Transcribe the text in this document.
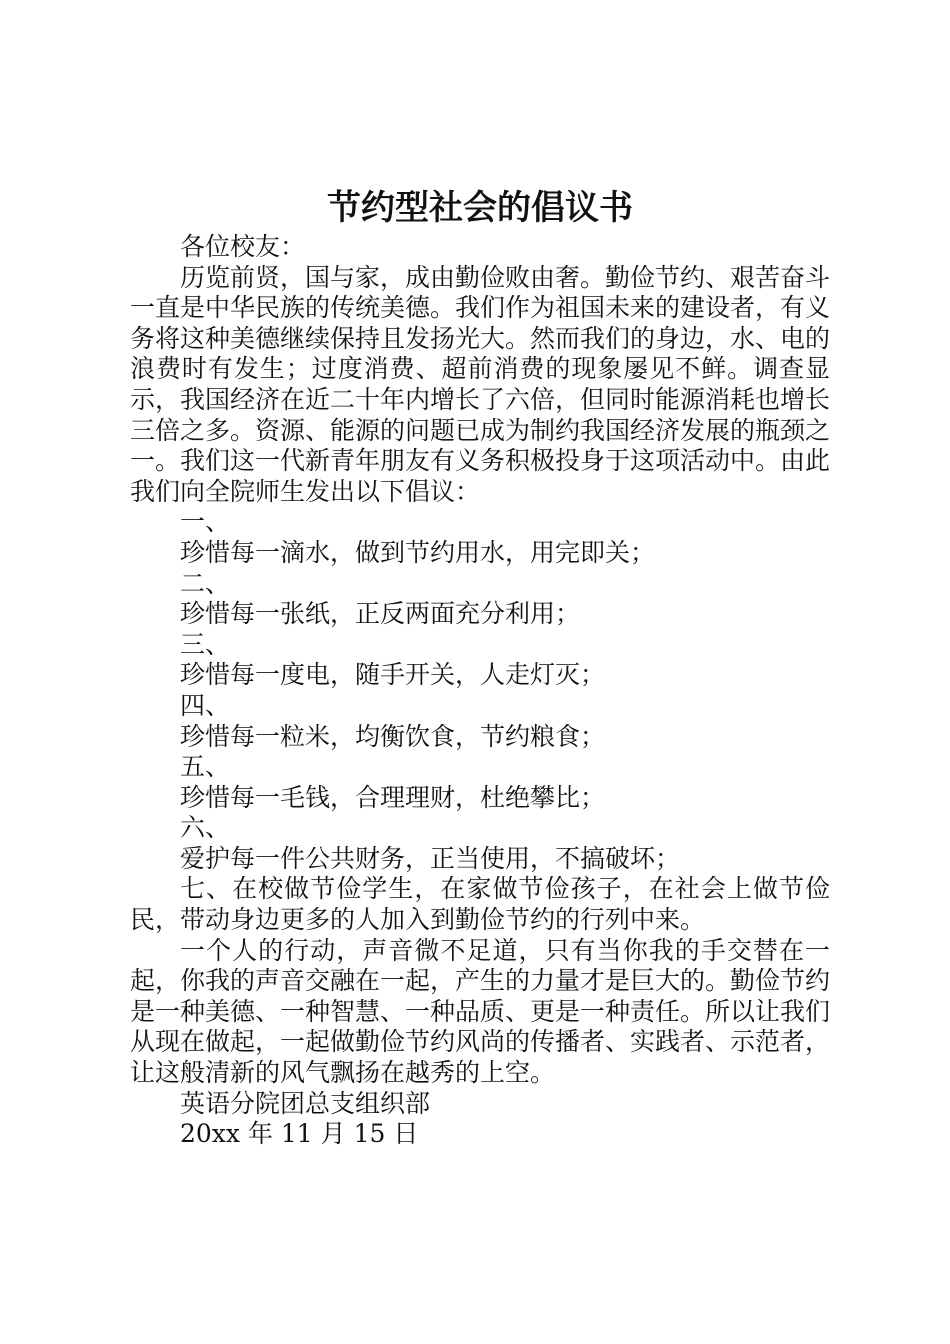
节约型社会的倡议书
各位校友：
历览前贤，国与家，成由勤俭败由奢。勤俭节约、艰苦奋斗一直是中华民族的传统美德。我们作为祖国未来的建设者，有义务将这种美德继续保持且发扬光大。然而我们的身边，水、电的浪费时有发生；过度消费、超前消费的现象屡见不鲜。调查显示，我国经济在近二十年内增长了六倍，但同时能源消耗也增长三倍之多。资源、能源的问题已成为制约我国经济发展的瓶颈之一。我们这一代新青年朋友有义务积极投身于这项活动中。由此我们向全院师生发出以下倡议：
一、
珍惜每一滴水，做到节约用水，用完即关；
二、
珍惜每一张纸，正反两面充分利用；
三、
珍惜每一度电，随手开关，人走灯灭；
四、
珍惜每一粒米，均衡饮食，节约粮食；
五、
珍惜每一毛钱，合理理财，杜绝攀比；
六、
爱护每一件公共财务，正当使用，不搞破坏；
七、在校做节俭学生，在家做节俭孩子，在社会上做节俭民，带动身边更多的人加入到勤俭节约的行列中来。
一个人的行动，声音微不足道，只有当你我的手交替在一起，你我的声音交融在一起，产生的力量才是巨大的。勤俭节约是一种美德、一种智慧、一种品质、更是一种责任。所以让我们从现在做起，一起做勤俭节约风尚的传播者、实践者、示范者，让这般清新的风气飘扬在越秀的上空。
英语分院团总支组织部
20xx 年 11 月 15 日
